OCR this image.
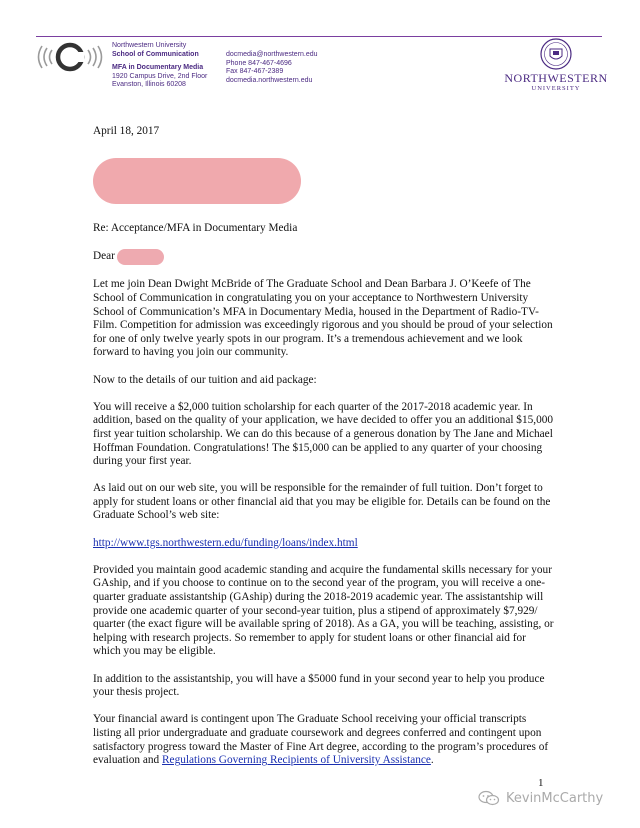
Northwestern University
School of Communication
MFA in Documentary Media
1920 Campus Drive, 2nd Floor
Evanston, Illinois 60208
docmedia@northwestern.edu
Phone 847-467-4696
Fax 847-467-2389
docmedia.northwestern.edu	NORTHWESTERN
UNIVERSITY

April 18, 2017

Re: Acceptance/MFA in Documentary Media

Dear

Let me join Dean Dwight McBride of The Graduate School and Dean Barbara J. O’Keefe of The School of Communication in congratulating you on your acceptance to Northwestern University School of Communication’s MFA in Documentary Media, housed in the Department of Radio-TV-Film. Competition for admission was exceedingly rigorous and you should be proud of your selection for one of only twelve yearly spots in our program. It’s a tremendous achievement and we look forward to having you join our community.

Now to the details of our tuition and aid package:

You will receive a $2,000 tuition scholarship for each quarter of the 2017-2018 academic year. In addition, based on the quality of your application, we have decided to offer you an additional $15,000 first year tuition scholarship. We can do this because of a generous donation by The Jane and Michael Hoffman Foundation. Congratulations! The $15,000 can be applied to any quarter of your choosing during your first year.

As laid out on our web site, you will be responsible for the remainder of full tuition. Don’t forget to apply for student loans or other financial aid that you may be eligible for. Details can be found on the Graduate School’s web site:

http://www.tgs.northwestern.edu/funding/loans/index.html

Provided you maintain good academic standing and acquire the fundamental skills necessary for your GAship, and if you choose to continue on to the second year of the program, you will receive a one-quarter graduate assistantship (GAship) during the 2018-2019 academic year. The assistantship will provide one academic quarter of your second-year tuition, plus a stipend of approximately $7,929/ quarter (the exact figure will be available spring of 2018). As a GA, you will be teaching, assisting, or helping with research projects. So remember to apply for student loans or other financial aid for which you may be eligible.

In addition to the assistantship, you will have a $5000 fund in your second year to help you produce your thesis project.

Your financial award is contingent upon The Graduate School receiving your official transcripts listing all prior undergraduate and graduate coursework and degrees conferred and contingent upon satisfactory progress toward the Master of Fine Art degree, according to the program’s procedures of evaluation and Regulations Governing Recipients of University Assistance.

1
KevinMcCarthy
